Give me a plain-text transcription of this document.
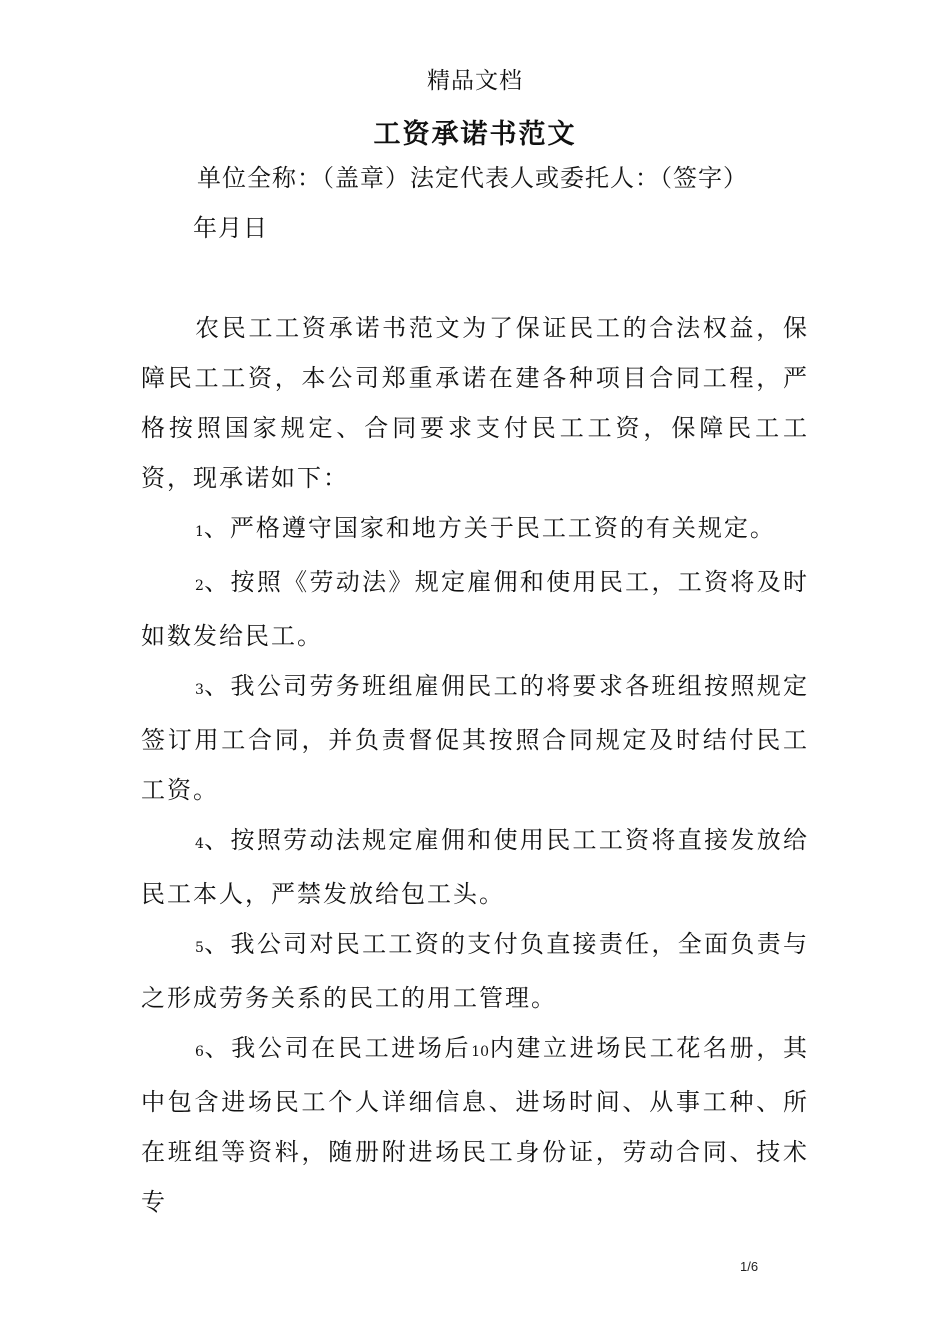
精品文档
工资承诺书范文
单位全称：（盖章）法定代表人或委托人：（签字）
年月日

农民工工资承诺书范文为了保证民工的合法权益，保障民工工资，本公司郑重承诺在建各种项目合同工程，严格按照国家规定、合同要求支付民工工资，保障民工工资，现承诺如下：

1、严格遵守国家和地方关于民工工资的有关规定。

2、按照《劳动法》规定雇佣和使用民工，工资将及时如数发给民工。

3、我公司劳务班组雇佣民工的将要求各班组按照规定签订用工合同，并负责督促其按照合同规定及时结付民工工资。

4、按照劳动法规定雇佣和使用民工工资将直接发放给民工本人，严禁发放给包工头。

5、我公司对民工工资的支付负直接责任，全面负责与之形成劳务关系的民工的用工管理。

6、我公司在民工进场后10内建立进场民工花名册，其中包含进场民工个人详细信息、进场时间、从事工种、所在班组等资料，随册附进场民工身份证，劳动合同、技术专

1/6
